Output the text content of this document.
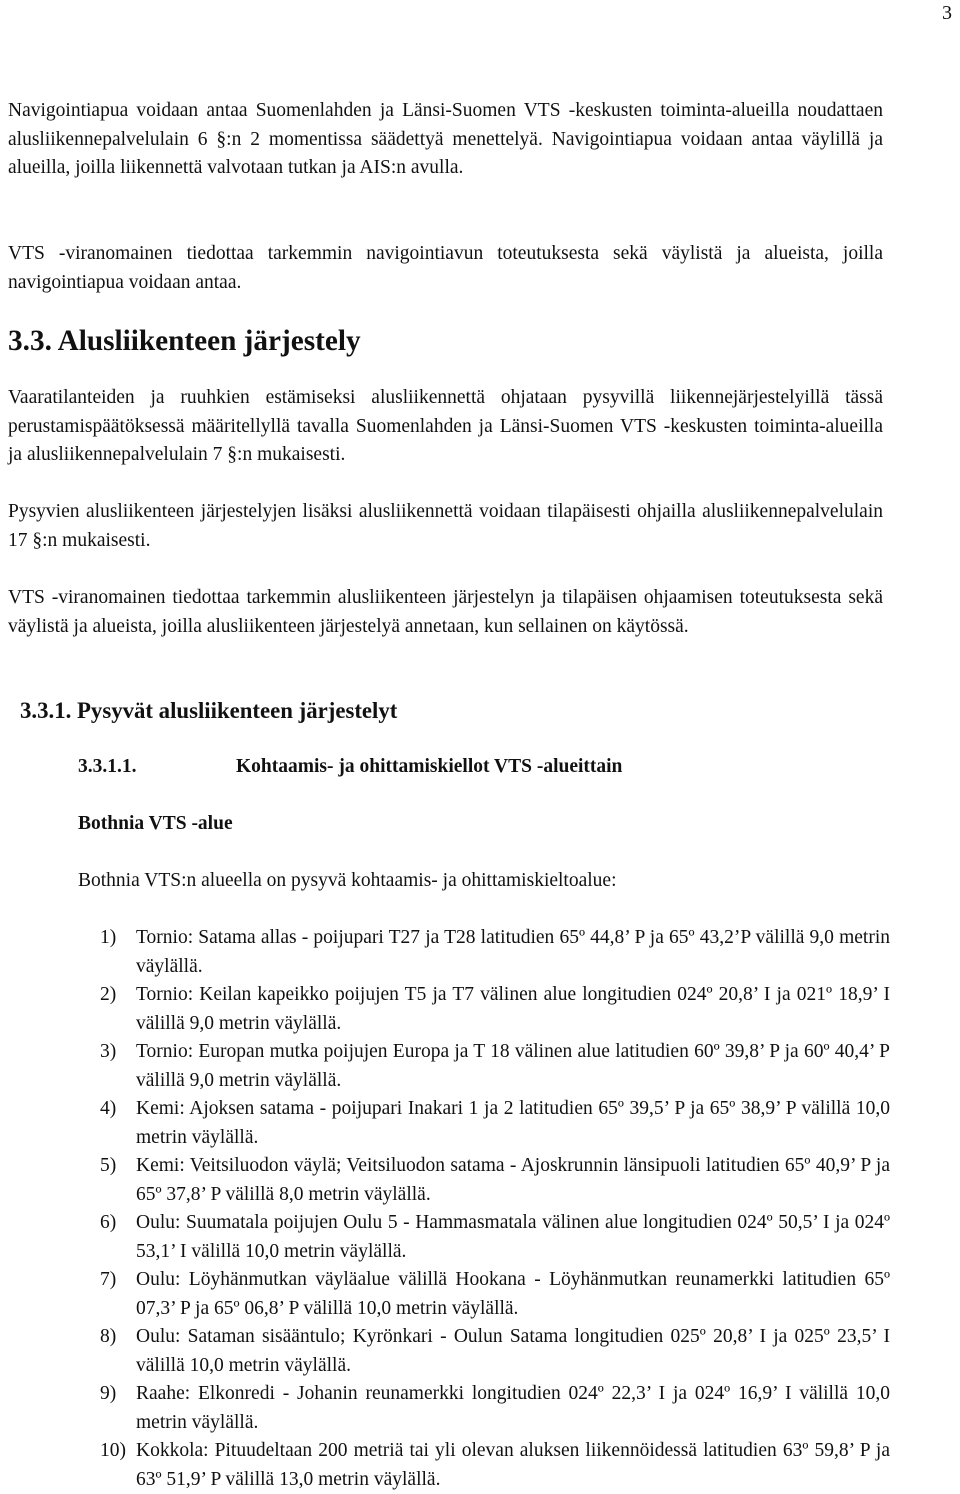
3

Navigointiapua voidaan antaa Suomenlahden ja Länsi-Suomen VTS -keskusten toiminta-alueilla noudattaen alusliikennepalvelulain 6 §:n 2 momentissa säädettyä menettelyä. Navigointiapua voidaan antaa väylillä ja alueilla, joilla liikennettä valvotaan tutkan ja AIS:n avulla.

VTS -viranomainen tiedottaa tarkemmin navigointiavun toteutuksesta sekä väylistä ja alueista, joilla navigointiapua voidaan antaa.

3.3. Alusliikenteen järjestely

Vaaratilanteiden ja ruuhkien estämiseksi alusliikennettä ohjataan pysyvillä liikennejärjestelyillä tässä perustamispäätöksessä määritellyllä tavalla Suomenlahden ja Länsi-Suomen VTS -keskusten toiminta-alueilla ja alusliikennepalvelulain 7 §:n mukaisesti.

Pysyvien alusliikenteen järjestelyjen lisäksi alusliikennettä voidaan tilapäisesti ohjailla alusliikennepalvelulain 17 §:n mukaisesti.

VTS -viranomainen tiedottaa tarkemmin alusliikenteen järjestelyn ja tilapäisen ohjaamisen toteutuksesta sekä väylistä ja alueista, joilla alusliikenteen järjestelyä annetaan, kun sellainen on käytössä.

3.3.1. Pysyvät alusliikenteen järjestelyt
3.3.1.1.	Kohtaamis- ja ohittamiskiellot VTS -alueittain
Bothnia VTS -alue

Bothnia VTS:n alueella on pysyvä kohtaamis- ja ohittamiskieltoalue:

1) Tornio: Satama allas - poijupari T27 ja T28 latitudien 65º 44,8’ P ja 65º 43,2’P välillä 9,0 metrin väylällä.
2) Tornio: Keilan kapeikko poijujen T5 ja T7 välinen alue longitudien 024º 20,8’ I ja 021º 18,9’ I välillä 9,0 metrin väylällä.
3) Tornio: Europan mutka poijujen Europa ja T 18 välinen alue latitudien 60º 39,8’ P ja 60º 40,4’ P välillä 9,0 metrin väylällä.
4) Kemi: Ajoksen satama - poijupari Inakari 1 ja 2 latitudien 65º 39,5’ P ja 65º 38,9’ P välillä 10,0 metrin väylällä.
5) Kemi: Veitsiluodon väylä; Veitsiluodon satama - Ajoskrunnin länsipuoli latitudien 65º 40,9’ P ja 65º 37,8’ P välillä 8,0 metrin väylällä.
6) Oulu: Suumatala poijujen Oulu 5 - Hammasmatala välinen alue longitudien 024º 50,5’ I ja 024º 53,1’ I välillä 10,0 metrin väylällä.
7) Oulu: Löyhänmutkan väyläalue välillä Hookana - Löyhänmutkan reunamerkki latitudien 65º 07,3’ P ja 65º 06,8’ P välillä 10,0 metrin väylällä.
8) Oulu: Sataman sisääntulo; Kyrönkari - Oulun Satama longitudien 025º 20,8’ I ja 025º 23,5’ I välillä 10,0 metrin väylällä.
9) Raahe: Elkonredi - Johanin reunamerkki longitudien 024º 22,3’ I ja 024º 16,9’ I välillä 10,0 metrin väylällä.
10) Kokkola: Pituudeltaan 200 metriä tai yli olevan aluksen liikennöidessä latitudien 63º 59,8’ P ja 63º 51,9’ P välillä 13,0 metrin väylällä.
